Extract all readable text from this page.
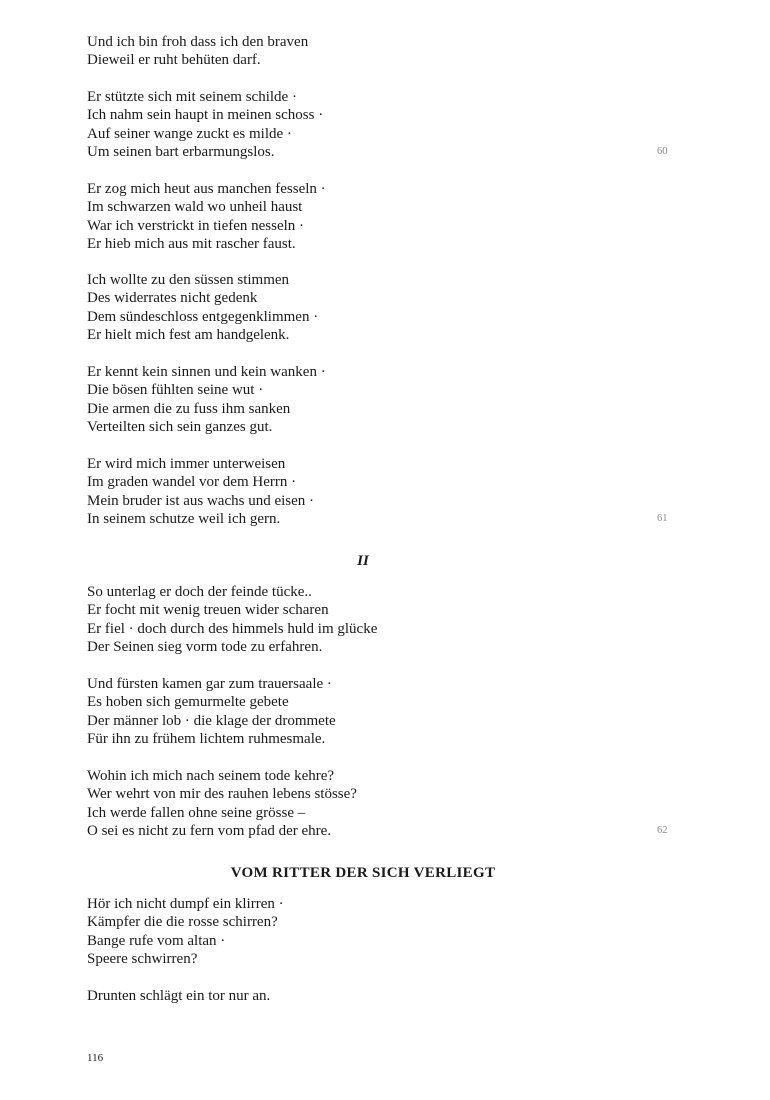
Und ich bin froh dass ich den braven
Dieweil er ruht behüten darf.
Er stützte sich mit seinem schilde ·
Ich nahm sein haupt in meinen schoss ·
Auf seiner wange zuckt es milde ·
Um seinen bart erbarmungslos.	60
Er zog mich heut aus manchen fesseln ·
Im schwarzen wald wo unheil haust
War ich verstrickt in tiefen nesseln ·
Er hieb mich aus mit rascher faust.
Ich wollte zu den süssen stimmen
Des widerrates nicht gedenk
Dem sündeschloss entgegenklimmen ·
Er hielt mich fest am handgelenk.
Er kennt kein sinnen und kein wanken ·
Die bösen fühlten seine wut ·
Die armen die zu fuss ihm sanken
Verteilten sich sein ganzes gut.
Er wird mich immer unterweisen
Im graden wandel vor dem Herrn ·
Mein bruder ist aus wachs und eisen ·
In seinem schutze weil ich gern.	61
II
So unterlag er doch der feinde tücke..
Er focht mit wenig treuen wider scharen
Er fiel · doch durch des himmels huld im glücke
Der Seinen sieg vorm tode zu erfahren.
Und fürsten kamen gar zum trauersaale ·
Es hoben sich gemurmelte gebete
Der männer lob · die klage der drommete
Für ihn zu frühem lichtem ruhmesmale.
Wohin ich mich nach seinem tode kehre?
Wer wehrt von mir des rauhen lebens stösse?
Ich werde fallen ohne seine grösse –
O sei es nicht zu fern vom pfad der ehre.	62
VOM RITTER DER SICH VERLIEGT
Hör ich nicht dumpf ein klirren ·
Kämpfer die die rosse schirren?
Bange rufe vom altan ·
Speere schwirren?
Drunten schlägt ein tor nur an.
116
